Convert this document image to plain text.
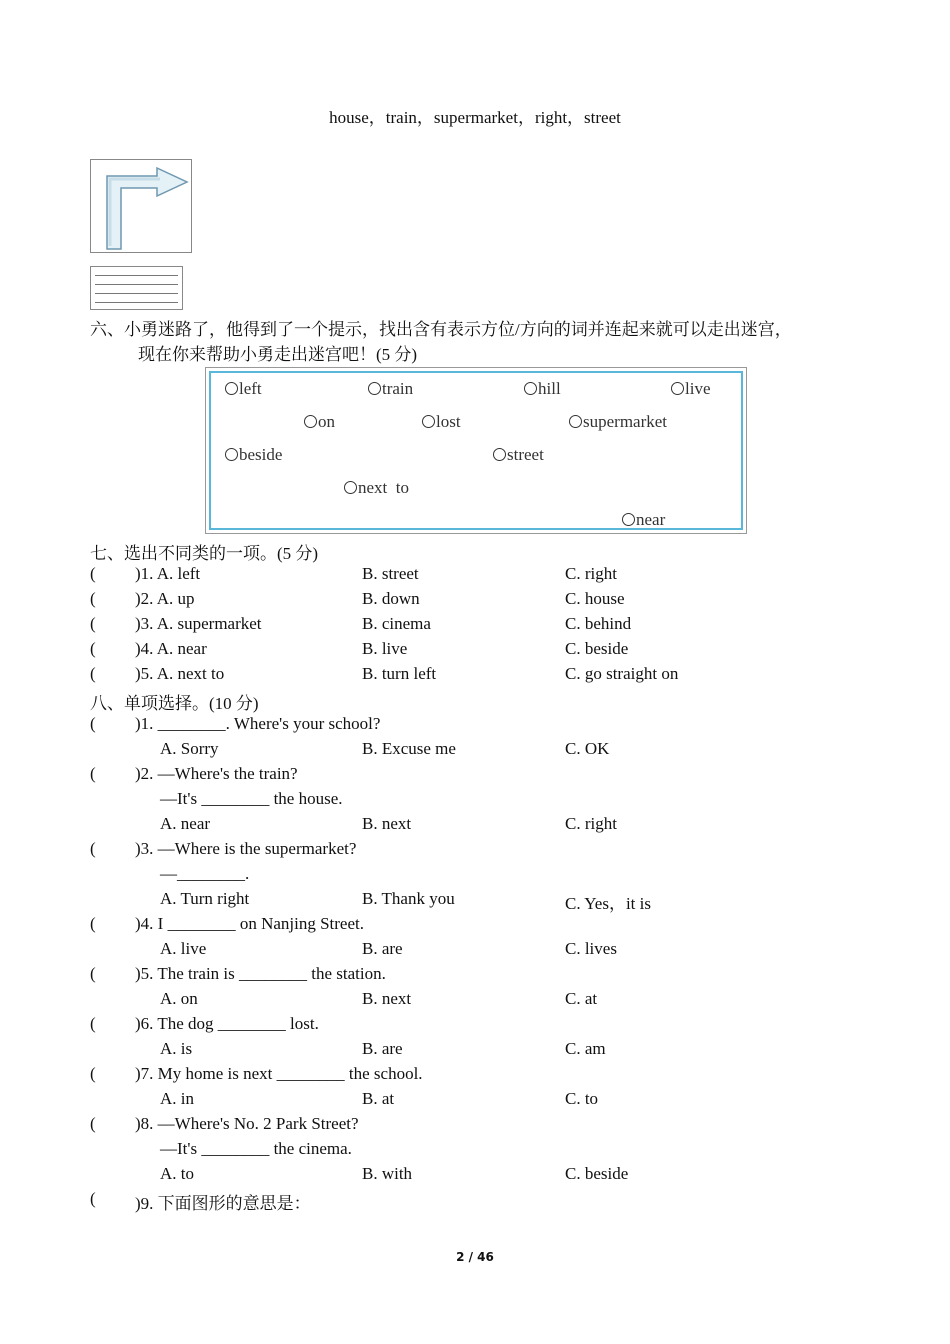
house，train，supermarket，right，street
六、小勇迷路了，他得到了一个提示，找出含有表示方位/方向的词并连起来就可以走出迷宫，
现在你来帮助小勇走出迷宫吧！(5 分)
left	train	hill	live
on	lost	supermarket
beside	street
next  to
near
七、选出不同类的一项。(5 分)
( )1. A. left	B. street	C. right
( )2. A. up	B. down	C. house
( )3. A. supermarket	B. cinema	C. behind
( )4. A. near	B. live	C. beside
( )5. A. next to	B. turn left	C. go straight on
八、单项选择。(10 分)
( )1. ________. Where's your school?
A. Sorry	B. Excuse me	C. OK
( )2. —Where's the train?
—It's ________ the house.
A. near	B. next	C. right
( )3. —Where is the supermarket?
—________.
A. Turn right	B. Thank you	C. Yes，it is
( )4. I ________ on Nanjing Street.
A. live	B. are	C. lives
( )5. The train is ________ the station.
A. on	B. next	C. at
( )6. The dog ________ lost.
A. is	B. are	C. am
( )7. My home is next ________ the school.
A. in	B. at	C. to
( )8. —Where's No. 2 Park Street?
—It's ________ the cinema.
A. to	B. with	C. beside
( )9. 下面图形的意思是：
2 / 46
